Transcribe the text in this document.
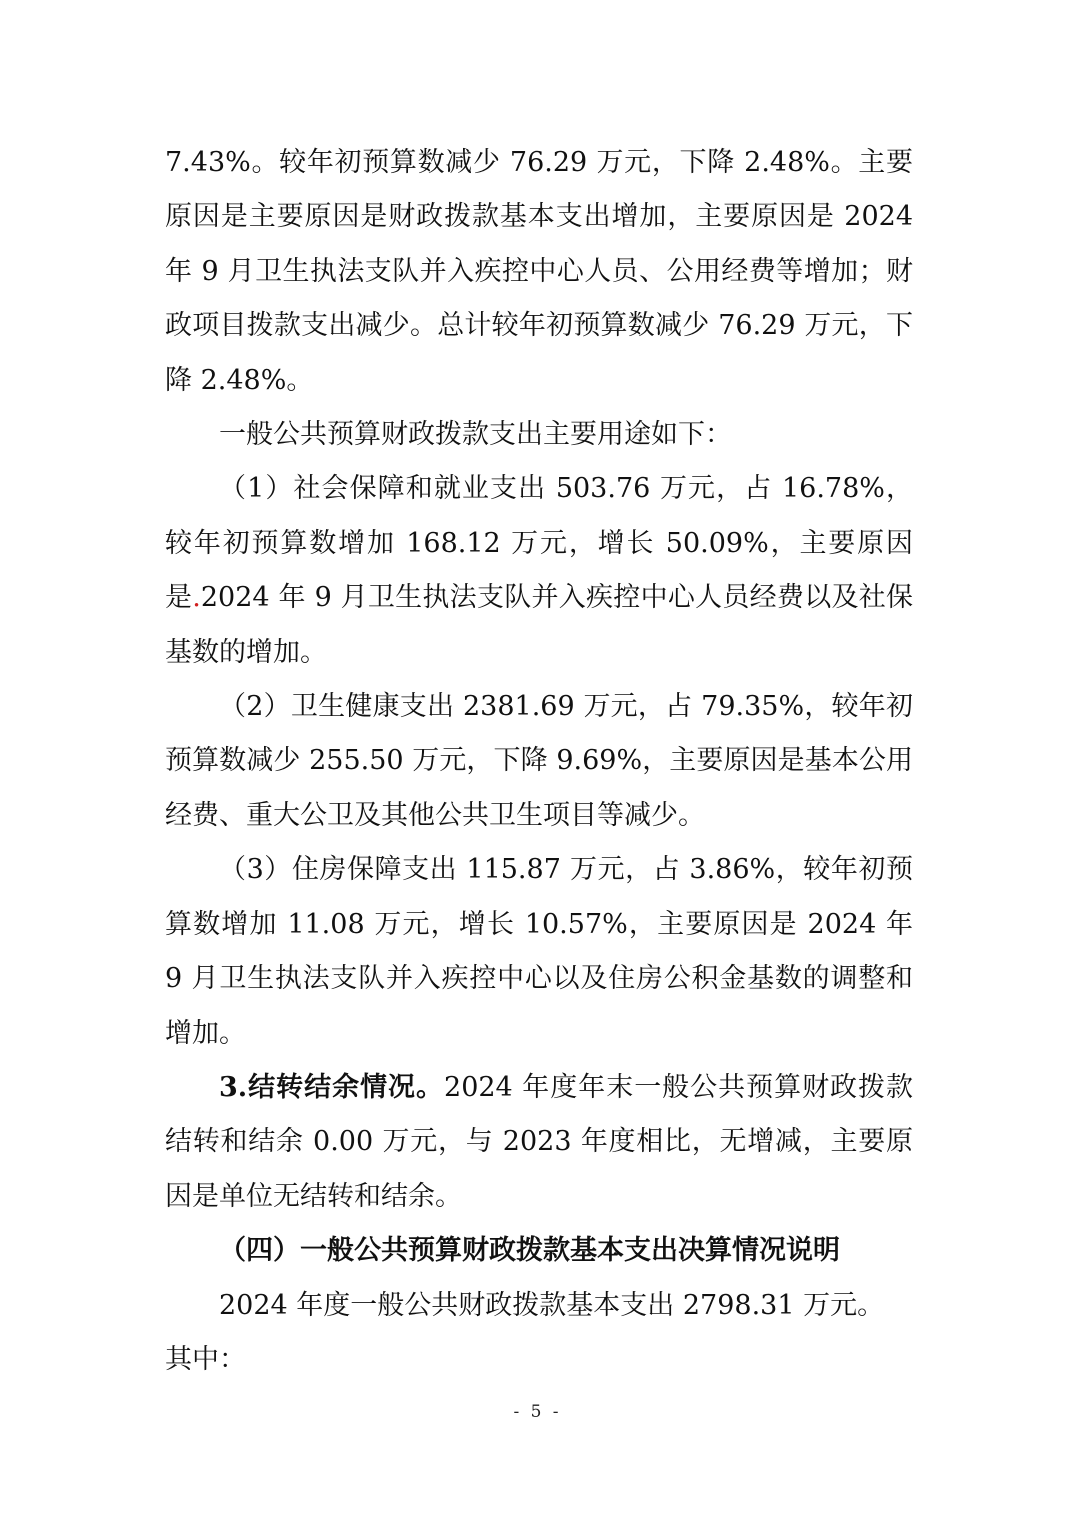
7.43%。较年初预算数减少 76.29 万元，下降 2.48%。主要原因是主要原因是财政拨款基本支出增加，主要原因是 2024 年 9 月卫生执法支队并入疾控中心人员、公用经费等增加；财政项目拨款支出减少。总计较年初预算数减少 76.29 万元，下降 2.48%。

一般公共预算财政拨款支出主要用途如下：

（1）社会保障和就业支出 503.76 万元，占 16.78%，较年初预算数增加 168.12 万元，增长 50.09%，主要原因是.2024 年 9 月卫生执法支队并入疾控中心人员经费以及社保基数的增加。

（2）卫生健康支出 2381.69 万元，占 79.35%，较年初预算数减少 255.50 万元，下降 9.69%，主要原因是基本公用经费、重大公卫及其他公共卫生项目等减少。

（3）住房保障支出 115.87 万元，占 3.86%，较年初预算数增加 11.08 万元，增长 10.57%，主要原因是 2024 年 9 月卫生执法支队并入疾控中心以及住房公积金基数的调整和增加。

3.结转结余情况。2024 年度年末一般公共预算财政拨款结转和结余 0.00 万元，与 2023 年度相比，无增减，主要原因是单位无结转和结余。

（四）一般公共预算财政拨款基本支出决算情况说明

2024 年度一般公共财政拨款基本支出 2798.31 万元。

其中：

- 5 -
